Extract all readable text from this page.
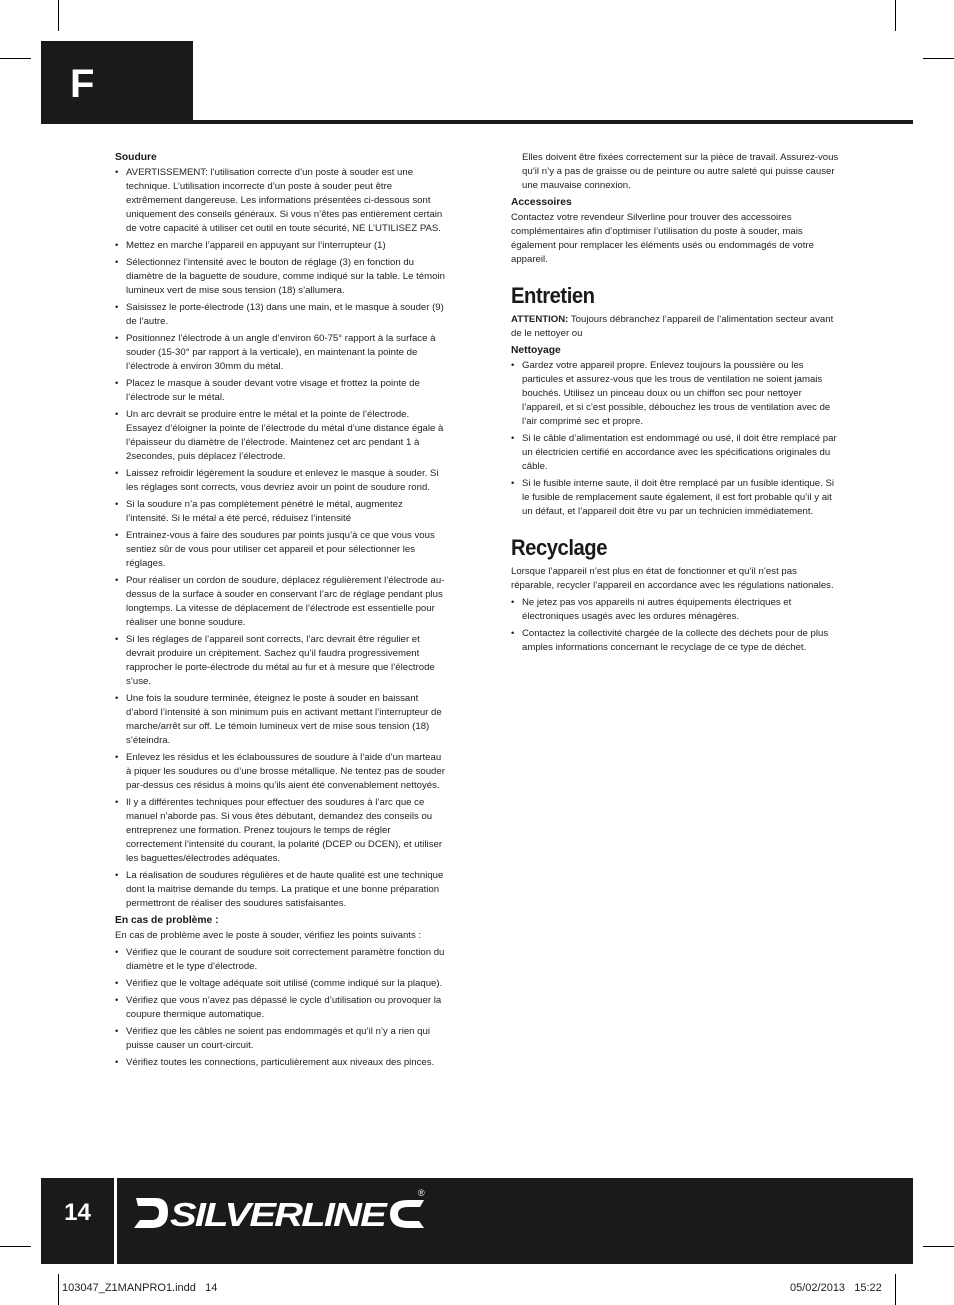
F
Soudure
• AVERTISSEMENT: l’utilisation correcte d’un poste à souder est une technique. L’utilisation incorrecte d’un poste à souder peut être extrêmement dangereuse. Les informations présentées ci-dessous sont uniquement des conseils généraux. Si vous n’êtes pas entièrement certain de votre capacité à utiliser cet outil en toute sécurité, NE L’UTILISEZ PAS.
• Mettez en marche l’appareil en appuyant sur l’interrupteur (1)
• Sélectionnez l’intensité avec le bouton de réglage (3) en fonction du diamètre de la baguette de soudure, comme indiqué sur la table. Le témoin lumineux vert de mise sous tension (18) s’allumera.
• Saisissez le porte-électrode (13) dans une main, et le masque à souder (9) de l’autre.
• Positionnez l’électrode à un angle d’environ 60-75° rapport à la surface à souder (15-30° par rapport à la verticale), en maintenant la pointe de l’électrode à environ 30mm du métal.
• Placez le masque à souder devant votre visage et frottez la pointe de l’électrode sur le métal.
• Un arc devrait se produire entre le métal et la pointe de l’électrode. Essayez d’éloigner la pointe de l’électrode du métal d’une distance égale à l’épaisseur du diamètre de l’électrode. Maintenez cet arc pendant 1 à 2secondes, puis déplacez l’électrode.
• Laissez refroidir légèrement la soudure et enlevez le masque à souder. Si les réglages sont corrects, vous devriez avoir un point de soudure rond.
• Si la soudure n’a pas complètement pénétré le métal, augmentez l’intensité. Si le métal a été percé, réduisez l’intensité
• Entrainez-vous à faire des soudures par points jusqu’à ce que vous vous sentiez sûr de vous pour utiliser cet appareil et pour sélectionner les réglages.
• Pour réaliser un cordon de soudure, déplacez régulièrement l’électrode au-dessus de la surface à souder en conservant l’arc de réglage pendant plus longtemps. La vitesse de déplacement de l’électrode est essentielle pour réaliser une bonne soudure.
• Si les réglages de l’appareil sont corrects, l’arc devrait être régulier et devrait produire un crépitement. Sachez qu’il faudra progressivement rapprocher le porte-électrode du métal au fur et à mesure que l’électrode s’use.
• Une fois la soudure terminée, éteignez le poste à souder en baissant d’abord l’intensité à son minimum puis en activant mettant l’interrupteur de marche/arrêt sur off. Le témoin lumineux vert de mise sous tension (18) s’éteindra.
• Enlevez les résidus et les éclaboussures de soudure à l’aide d’un marteau à piquer les soudures ou d’une brosse métallique. Ne tentez pas de souder par-dessus ces résidus à moins qu’ils aient été convenablement nettoyés.
• Il y a différentes techniques pour effectuer des soudures à l’arc que ce manuel n’aborde pas. Si vous êtes débutant, demandez des conseils ou entreprenez une formation. Prenez toujours le temps de régler correctement l’intensité du courant, la polarité (DCEP ou DCEN), et utiliser les baguettes/électrodes adéquates.
• La réalisation de soudures régulières et de haute qualité est une technique dont la maitrise demande du temps. La pratique et une bonne préparation permettront de réaliser des soudures satisfaisantes.
En cas de problème :

En cas de problème avec le poste à souder, vérifiez les points suivants :

• Vérifiez que le courant de soudure soit correctement paramètre fonction du diamètre et le type d’électrode.
• Vérifiez que le voltage adéquate soit utilisé (comme indiqué sur la plaque).
• Vérifiez que vous n’avez pas dépassé le cycle d’utilisation ou provoquer la coupure thermique automatique.
• Vérifiez que les câbles ne soient pas endommagés et qu’il n’y a rien qui puisse causer un court-circuit.
• Vérifiez toutes les connections, particulièrement aux niveaux des pinces.

Elles doivent être fixées correctement sur la pièce de travail. Assurez-vous qu’il n’y a pas de graisse ou de peinture ou autre saleté qui puisse causer une mauvaise connexion.

Accessoires

Contactez votre revendeur Silverline pour trouver des accessoires complémentaires afin d’optimiser l’utilisation du poste à souder, mais également pour remplacer les éléments usés ou endommagés de votre appareil.

Entretien

ATTENTION: Toujours débranchez l’appareil de l’alimentation secteur avant de le nettoyer ou

Nettoyage
• Gardez votre appareil propre. Enlevez toujours la poussière ou les particules et assurez-vous que les trous de ventilation ne soient jamais bouchés. Utilisez un pinceau doux ou un chiffon sec pour nettoyer l’appareil, et si c’est possible, débouchez les trous de ventilation avec de l’air comprimé sec et propre.
• Si le câble d’alimentation est endommagé ou usé, il doit être remplacé par un électricien certifié en accordance avec les spécifications originales du câble.
• Si le fusible interne saute, il doit être remplacé par un fusible identique. Si le fusible de remplacement saute également, il est fort probable qu’il y ait un défaut, et l’appareil doit être vu par un technicien immédiatement.
Recyclage

Lorsque l’appareil n’est plus en état de fonctionner et qu’il n’est pas réparable, recycler l’appareil en accordance avec les régulations nationales.

• Ne jetez pas vos appareils ni autres équipements électriques et électroniques usagés avec les ordures ménagères.
• Contactez la collectivité chargée de la collecte des déchets pour de plus amples informations concernant le recyclage de ce type de déchet.
14	SILVERLINE
®
103047_Z1MANPRO1.indd   14	05/02/2013   15:22
